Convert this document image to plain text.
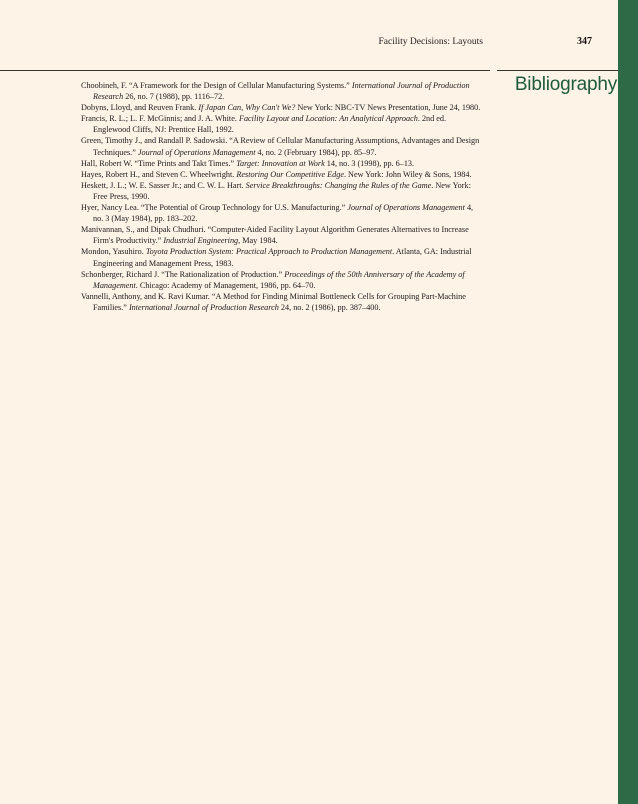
Facility Decisions: Layouts	347
Bibliography
Choobineh, F. “A Framework for the Design of Cellular Manufacturing Systems.” International Journal of Production Research 26, no. 7 (1988), pp. 1116–72.
Dobyns, Lloyd, and Reuven Frank. If Japan Can, Why Can't We? New York: NBC-TV News Presentation, June 24, 1980.
Francis, R. L.; L. F. McGinnis; and J. A. White. Facility Layout and Location: An Analytical Approach. 2nd ed. Englewood Cliffs, NJ: Prentice Hall, 1992.
Green, Timothy J., and Randall P. Sadowski. “A Review of Cellular Manufacturing Assumptions, Advantages and Design Techniques.” Journal of Operations Management 4, no. 2 (February 1984), pp. 85–97.
Hall, Robert W. “Time Prints and Takt Times.” Target: Innovation at Work 14, no. 3 (1998), pp. 6–13.
Hayes, Robert H., and Steven C. Wheelwright. Restoring Our Competitive Edge. New York: John Wiley & Sons, 1984.
Heskett, J. L.; W. E. Sasser Jr.; and C. W. L. Hart. Service Breakthroughs: Changing the Rules of the Game. New York: Free Press, 1990.
Hyer, Nancy Lea. “The Potential of Group Technology for U.S. Manufacturing.” Journal of Operations Management 4, no. 3 (May 1984), pp. 183–202.
Manivannan, S., and Dipak Chudhuri. “Computer-Aided Facility Layout Algorithm Generates Alternatives to Increase Firm's Productivity.” Industrial Engineering, May 1984.
Mondon, Yasuhiro. Toyota Production System: Practical Approach to Production Management. Atlanta, GA: Industrial Engineering and Management Press, 1983.
Schonberger, Richard J. “The Rationalization of Production.” Proceedings of the 50th Anniversary of the Academy of Management. Chicago: Academy of Management, 1986, pp. 64–70.
Vannelli, Anthony, and K. Ravi Kumar. “A Method for Finding Minimal Bottleneck Cells for Grouping Part-Machine Families.” International Journal of Production Research 24, no. 2 (1986), pp. 387–400.
